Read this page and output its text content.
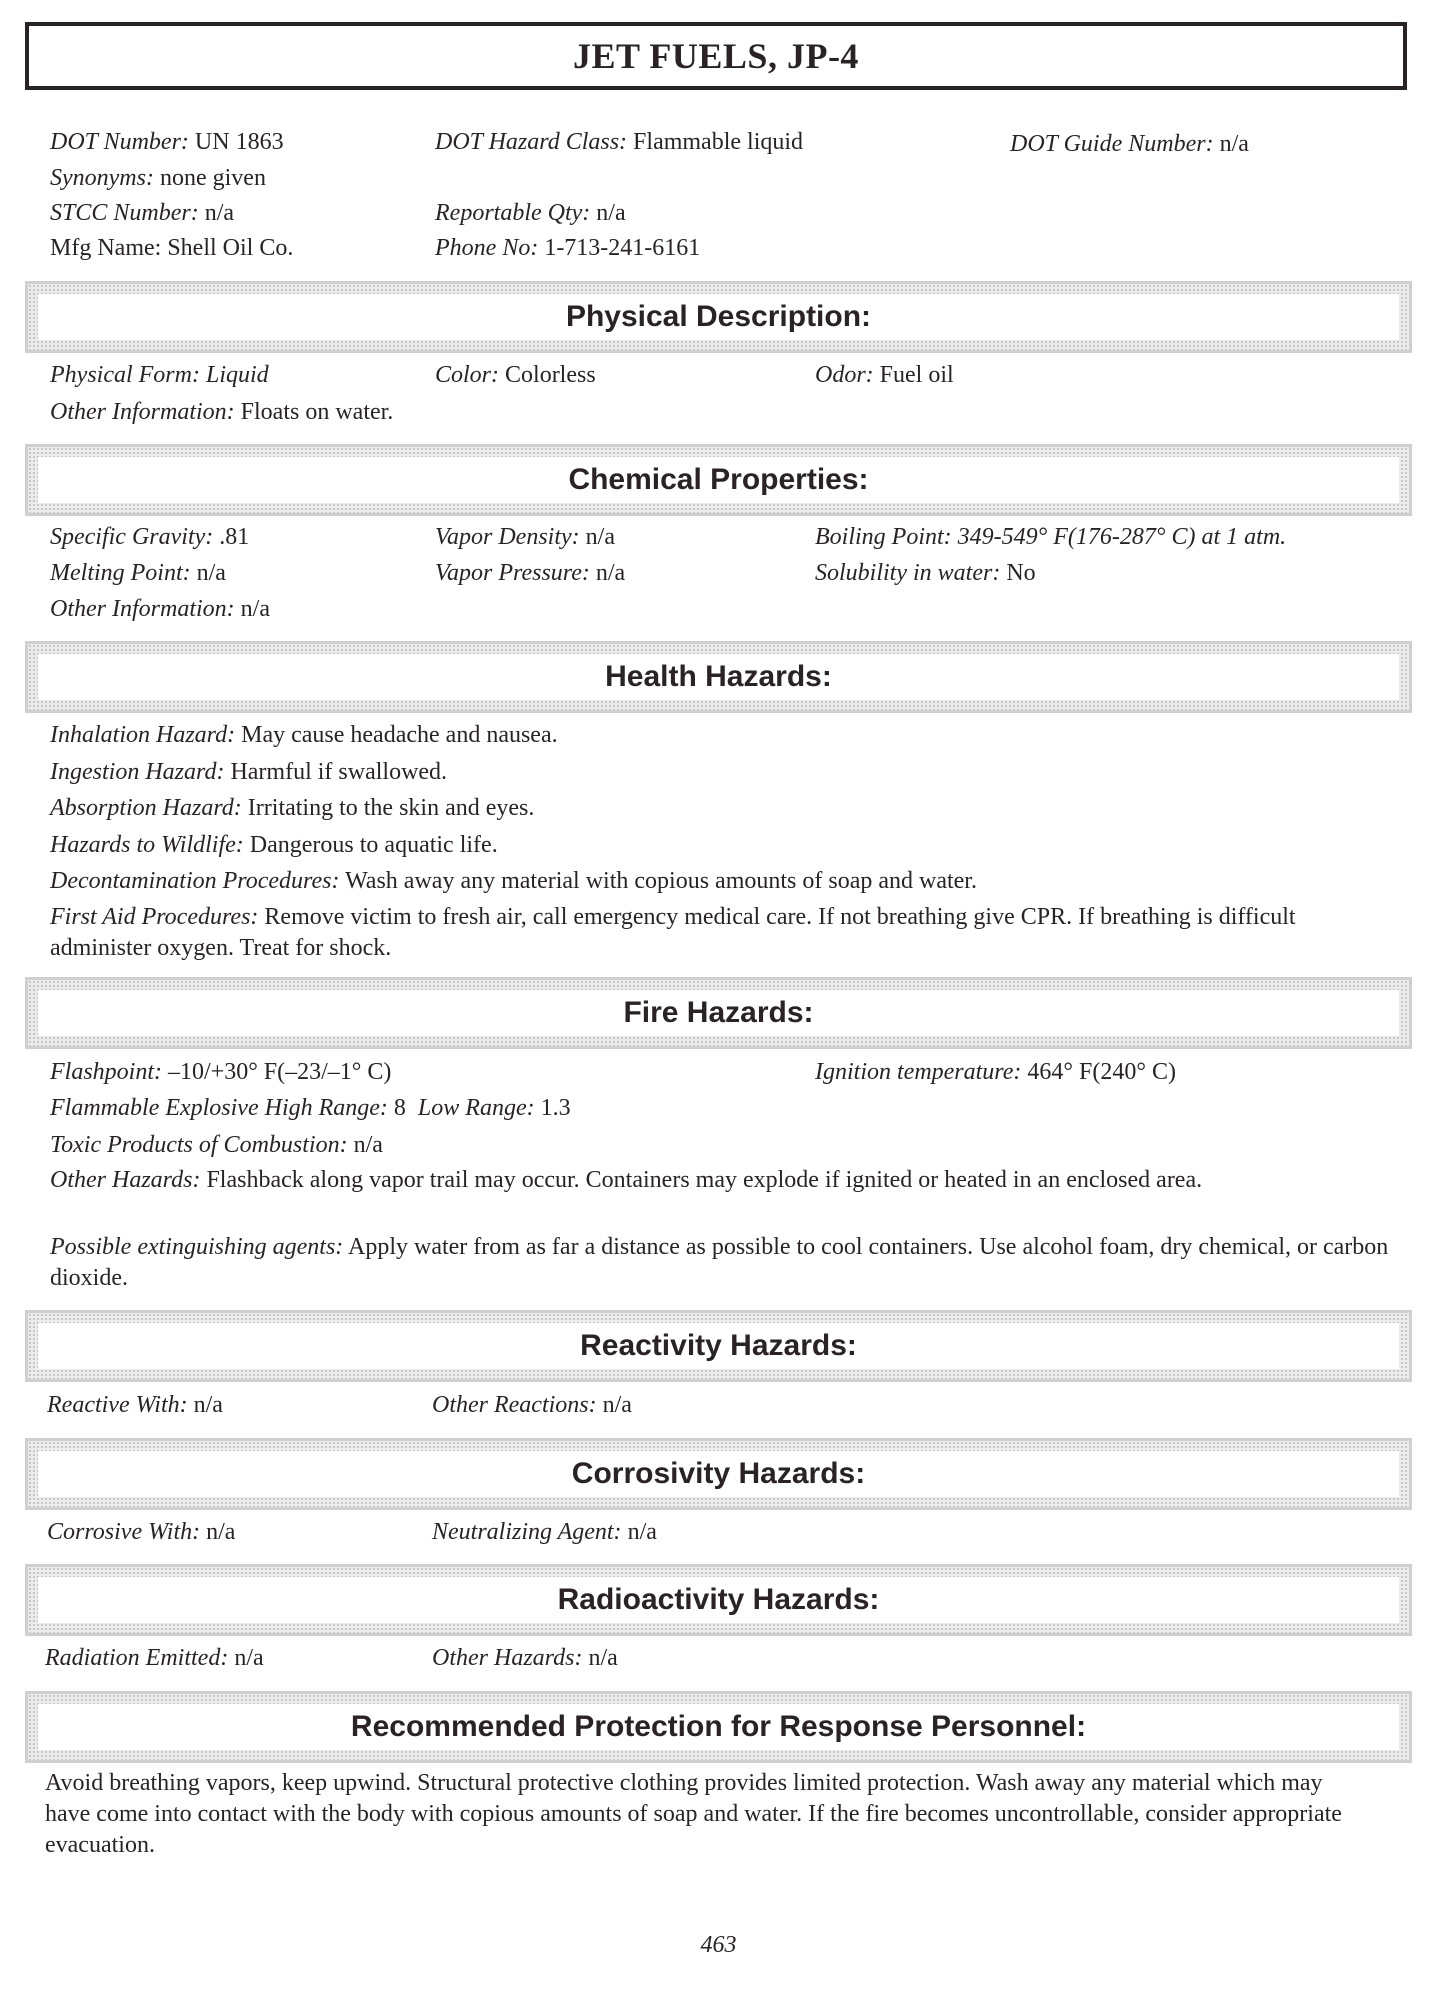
JET FUELS, JP-4
DOT Number: UN 1863	DOT Hazard Class: Flammable liquid	DOT Guide Number: n/a
Synonyms: none given
STCC Number: n/a	Reportable Qty: n/a
Mfg Name: Shell Oil Co.	Phone No: 1-713-241-6161
Physical Description:
Physical Form: Liquid	Color: Colorless	Odor: Fuel oil
Other Information: Floats on water.
Chemical Properties:
Specific Gravity: .81	Vapor Density: n/a	Boiling Point: 349-549° F(176-287° C) at 1 atm.
Melting Point: n/a	Vapor Pressure: n/a	Solubility in water: No
Other Information: n/a
Health Hazards:
Inhalation Hazard: May cause headache and nausea.
Ingestion Hazard: Harmful if swallowed.
Absorption Hazard: Irritating to the skin and eyes.
Hazards to Wildlife: Dangerous to aquatic life.
Decontamination Procedures: Wash away any material with copious amounts of soap and water.
First Aid Procedures: Remove victim to fresh air, call emergency medical care. If not breathing give CPR. If breathing is difficult administer oxygen. Treat for shock.
Fire Hazards:
Flashpoint: –10/+30° F(–23/–1° C)	Ignition temperature: 464° F(240° C)
Flammable Explosive High Range: 8 Low Range: 1.3
Toxic Products of Combustion: n/a
Other Hazards: Flashback along vapor trail may occur. Containers may explode if ignited or heated in an enclosed area.
Possible extinguishing agents: Apply water from as far a distance as possible to cool containers. Use alcohol foam, dry chemical, or carbon dioxide.
Reactivity Hazards:
Reactive With: n/a	Other Reactions: n/a
Corrosivity Hazards:
Corrosive With: n/a	Neutralizing Agent: n/a
Radioactivity Hazards:
Radiation Emitted: n/a	Other Hazards: n/a
Recommended Protection for Response Personnel:
Avoid breathing vapors, keep upwind. Structural protective clothing provides limited protection. Wash away any material which may have come into contact with the body with copious amounts of soap and water. If the fire becomes uncontrollable, consider appropriate evacuation.
463
